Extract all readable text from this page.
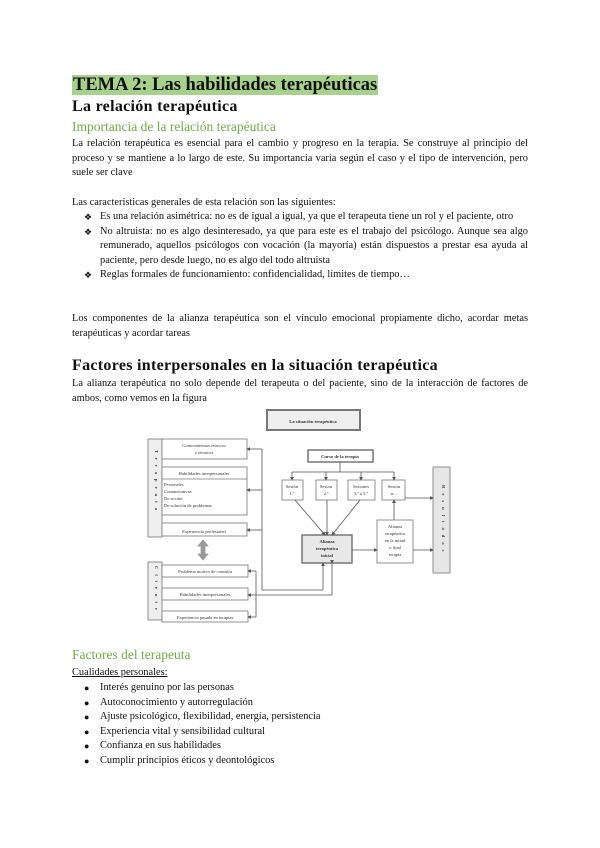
TEMA 2: Las habilidades terapéuticas
La relación terapéutica
Importancia de la relación terapéutica
La relación terapéutica es esencial para el cambio y progreso en la terapia. Se construye al principio del proceso y se mantiene a lo largo de este. Su importancia varía según el caso y el tipo de intervención, pero suele ser clave
Las características generales de esta relación son las siguientes:
❖ Es una relación asimétrica: no es de igual a igual, ya que el terapeuta tiene un rol y el paciente, otro
❖ No altruista: no es algo desinteresado, ya que para este es el trabajo del psicólogo. Aunque sea algo remunerado, aquellos psicólogos con vocación (la mayoría) están dispuestos a prestar esa ayuda al paciente, pero desde luego, no es algo del todo altruista
❖ Reglas formales de funcionamiento: confidencialidad, límites de tiempo…
Los componentes de la alianza terapéutica son el vínculo emocional propiamente dicho, acordar metas terapéuticas y acordar tareas
Factores interpersonales en la situación terapéutica
La alianza terapéutica no solo depende del terapeuta o del paciente, sino de la interacción de factores de ambos, como vemos en la figura
La situación terapéutica
Conocimientos teóricos
y técnicos
Habilidades interpersonales
Experiencia profesional
Problema motivo de consulta
Habilidades interpersonales
Experiencia pasada en terapias
Curso de la terapia
Sesión
1.ª
Sesión
2.ª
Sesiones
3.ª a 5.ª
Sesión
n...
Alianza
terapéutica
inicial
Alianza
terapéutica
en la mitad
o final
terapia
Personales
Comunicativas
De acción
De solución de problemas
Terapeuta
Cliente
Resultados
Factores del terapeuta
Cualidades personales:
● Interés genuino por las personas
● Autoconocimiento y autorregulación
● Ajuste psicológico, flexibilidad, energía, persistencia
● Experiencia vital y sensibilidad cultural
● Confianza en sus habilidades
● Cumplir principios éticos y deontológicos
